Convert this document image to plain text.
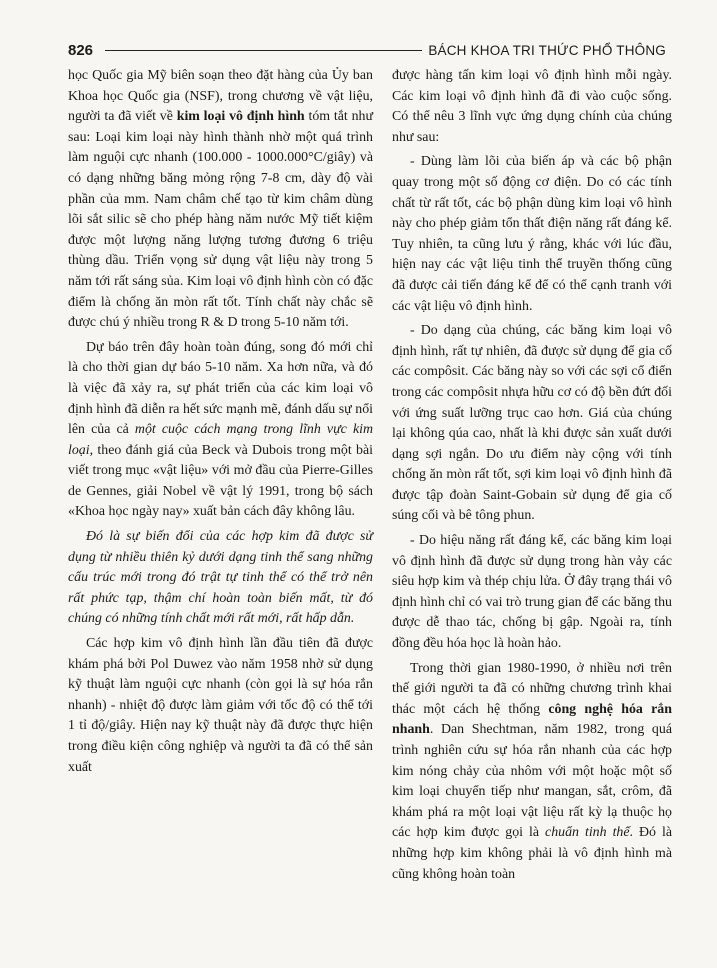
826	BÁCH KHOA TRI THỨC PHỔ THÔNG

học Quốc gia Mỹ biên soạn theo đặt hàng của Ủy ban Khoa học Quốc gia (NSF), trong chương về vật liệu, người ta đã viết về kim loại vô định hình tóm tắt như sau: Loại kim loại này hình thành nhờ một quá trình làm nguội cực nhanh (100.000 - 1000.000°C/giây) và có dạng những băng mỏng rộng 7-8 cm, dày độ vài phần của mm. Nam châm chế tạo từ kim châm dùng lõi sắt silic sẽ cho phép hàng năm nước Mỹ tiết kiệm được một lượng năng lượng tương đương 6 triệu thùng dầu. Triển vọng sử dụng vật liệu này trong 5 năm tới rất sáng sủa. Kim loại vô định hình còn có đặc điểm là chống ăn mòn rất tốt. Tính chất này chắc sẽ được chú ý nhiều trong R & D trong 5-10 năm tới.

Dự báo trên đây hoàn toàn đúng, song đó mới chỉ là cho thời gian dự báo 5-10 năm. Xa hơn nữa, và đó là việc đã xảy ra, sự phát triển của các kim loại vô định hình đã diễn ra hết sức mạnh mẽ, đánh dấu sự nổi lên của cả một cuộc cách mạng trong lĩnh vực kim loại, theo đánh giá của Beck và Dubois trong một bài viết trong mục «vật liệu» với mở đầu của Pierre-Gilles de Gennes, giải Nobel về vật lý 1991, trong bộ sách «Khoa học ngày nay» xuất bản cách đây không lâu.

Đó là sự biến đổi của các hợp kim đã được sử dụng từ nhiều thiên kỷ dưới dạng tinh thể sang những cấu trúc mới trong đó trật tự tinh thể có thể trở nên rất phức tạp, thậm chí hoàn toàn biến mất, từ đó chúng có những tính chất mới rất mới, rất hấp dẫn.

Các hợp kim vô định hình lần đầu tiên đã được khám phá bởi Pol Duwez vào năm 1958 nhờ sử dụng kỹ thuật làm nguội cực nhanh (còn gọi là sự hóa rắn nhanh) - nhiệt độ được làm giảm với tốc độ có thể tới 1 tỉ độ/giây. Hiện nay kỹ thuật này đã được thực hiện trong điều kiện công nghiệp và người ta đã có thể sản xuất

được hàng tấn kim loại vô định hình mỗi ngày. Các kim loại vô định hình đã đi vào cuộc sống. Có thể nêu 3 lĩnh vực ứng dụng chính của chúng như sau:

- Dùng làm lõi của biến áp và các bộ phận quay trong một số động cơ điện. Do có các tính chất từ rất tốt, các bộ phận dùng kim loại vô hình này cho phép giảm tổn thất điện năng rất đáng kể. Tuy nhiên, ta cũng lưu ý rằng, khác với lúc đầu, hiện nay các vật liệu tinh thể truyền thống cũng đã được cải tiến đáng kể để có thể cạnh tranh với các vật liệu vô định hình.

- Do dạng của chúng, các băng kim loại vô định hình, rất tự nhiên, đã được sử dụng để gia cố các compôsit. Các băng này so với các sợi cổ điển trong các compôsit nhựa hữu cơ có độ bền đứt đối với ứng suất lưỡng trục cao hơn. Giá của chúng lại không qúa cao, nhất là khi được sản xuất dưới dạng sợi ngắn. Do ưu điểm này cộng với tính chống ăn mòn rất tốt, sợi kim loại vô định hình đã được tập đoàn Saint-Gobain sử dụng để gia cố súng cối và bê tông phun.

- Do hiệu năng rất đáng kể, các băng kim loại vô định hình đã được sử dụng trong hàn vảy các siêu hợp kim và thép chịu lửa. Ở đây trạng thái vô định hình chỉ có vai trò trung gian để các băng thu được dễ thao tác, chống bị gập. Ngoài ra, tính đồng đều hóa học là hoàn hảo.

Trong thời gian 1980-1990, ở nhiều nơi trên thế giới người ta đã có những chương trình khai thác một cách hệ thống công nghệ hóa rắn nhanh. Dan Shechtman, năm 1982, trong quá trình nghiên cứu sự hóa rắn nhanh của các hợp kim nóng chảy của nhôm với một hoặc một số kim loại chuyển tiếp như mangan, sắt, crôm, đã khám phá ra một loại vật liệu rất kỳ lạ thuộc họ các hợp kim được gọi là chuẩn tinh thể. Đó là những hợp kim không phải là vô định hình mà cũng không hoàn toàn
